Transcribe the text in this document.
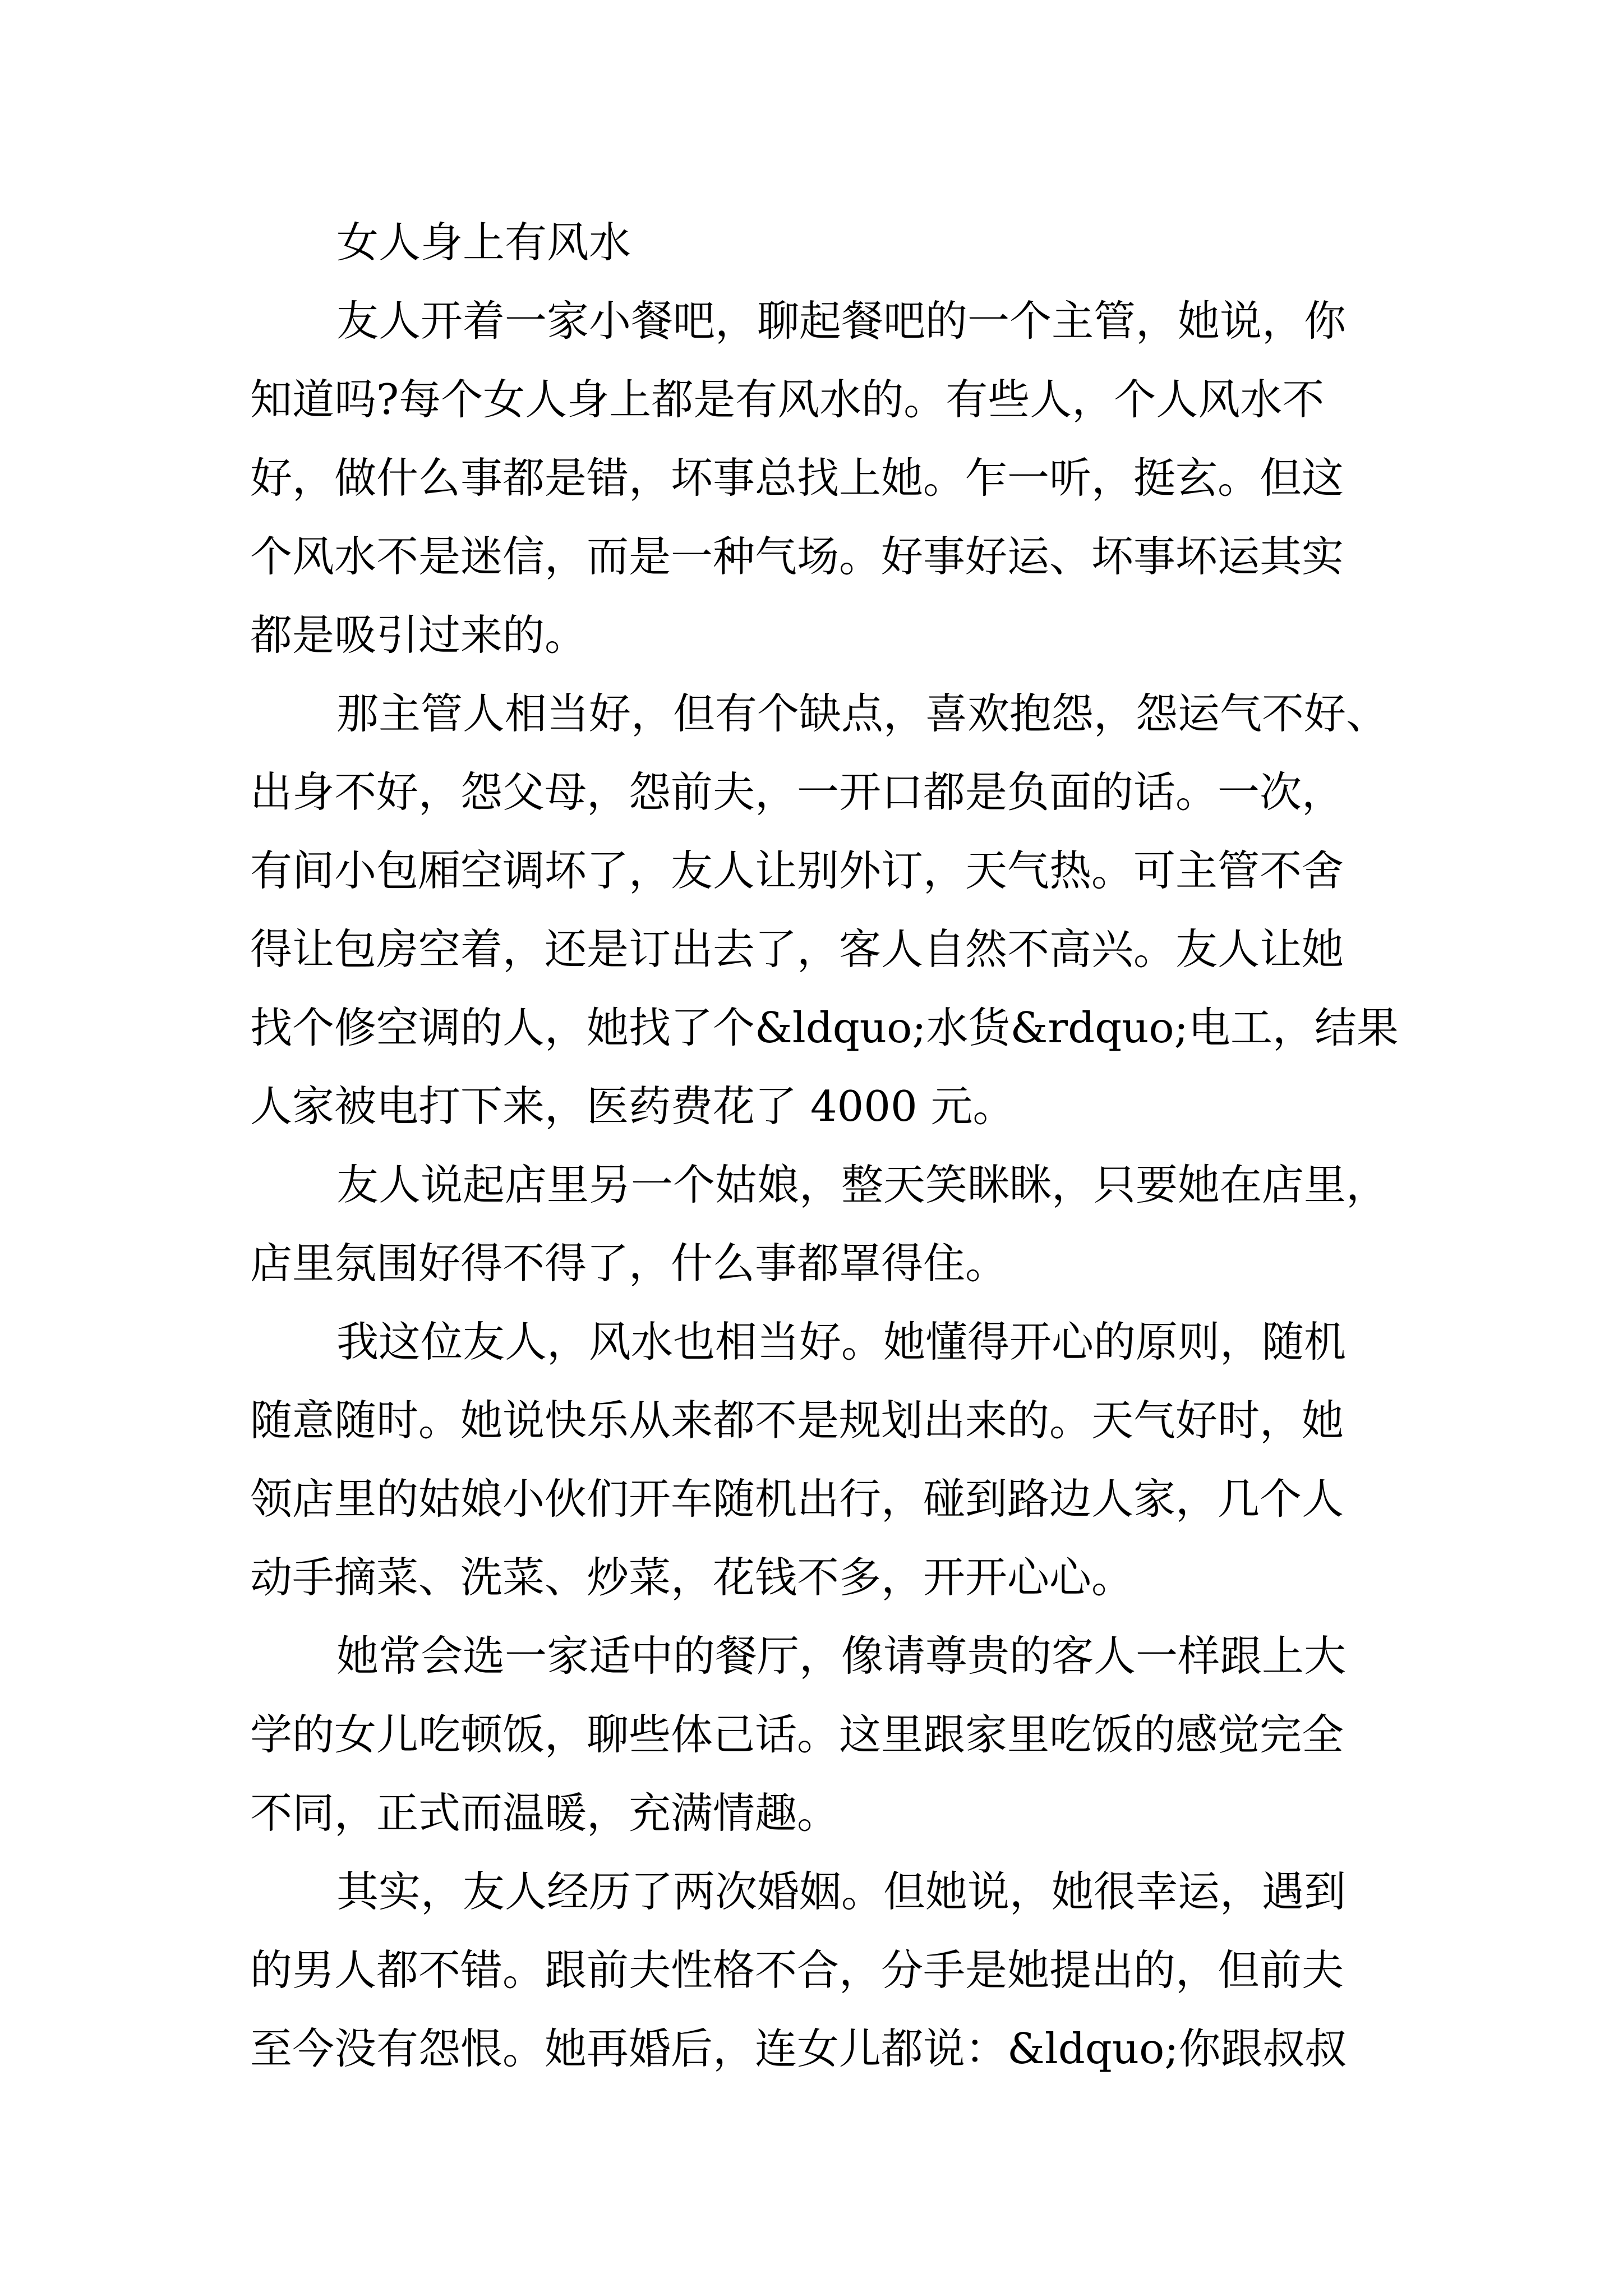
女人身上有风水
友人开着一家小餐吧，聊起餐吧的一个主管，她说，你
知道吗?每个女人身上都是有风水的。有些人，个人风水不
好，做什么事都是错，坏事总找上她。乍一听，挺玄。但这
个风水不是迷信，而是一种气场。好事好运、坏事坏运其实
都是吸引过来的。
那主管人相当好，但有个缺点，喜欢抱怨，怨运气不好、
出身不好，怨父母，怨前夫，一开口都是负面的话。一次，
有间小包厢空调坏了，友人让别外订，天气热。可主管不舍
得让包房空着，还是订出去了，客人自然不高兴。友人让她
找个修空调的人，她找了个&ldquo;水货&rdquo;电工，结果
人家被电打下来，医药费花了 4000 元。
友人说起店里另一个姑娘，整天笑眯眯，只要她在店里，
店里氛围好得不得了，什么事都罩得住。
我这位友人，风水也相当好。她懂得开心的原则，随机
随意随时。她说快乐从来都不是规划出来的。天气好时，她
领店里的姑娘小伙们开车随机出行，碰到路边人家，几个人
动手摘菜、洗菜、炒菜，花钱不多，开开心心。
她常会选一家适中的餐厅，像请尊贵的客人一样跟上大
学的女儿吃顿饭，聊些体己话。这里跟家里吃饭的感觉完全
不同，正式而温暖，充满情趣。
其实，友人经历了两次婚姻。但她说，她很幸运，遇到
的男人都不错。跟前夫性格不合，分手是她提出的，但前夫
至今没有怨恨。她再婚后，连女儿都说：&ldquo;你跟叔叔
